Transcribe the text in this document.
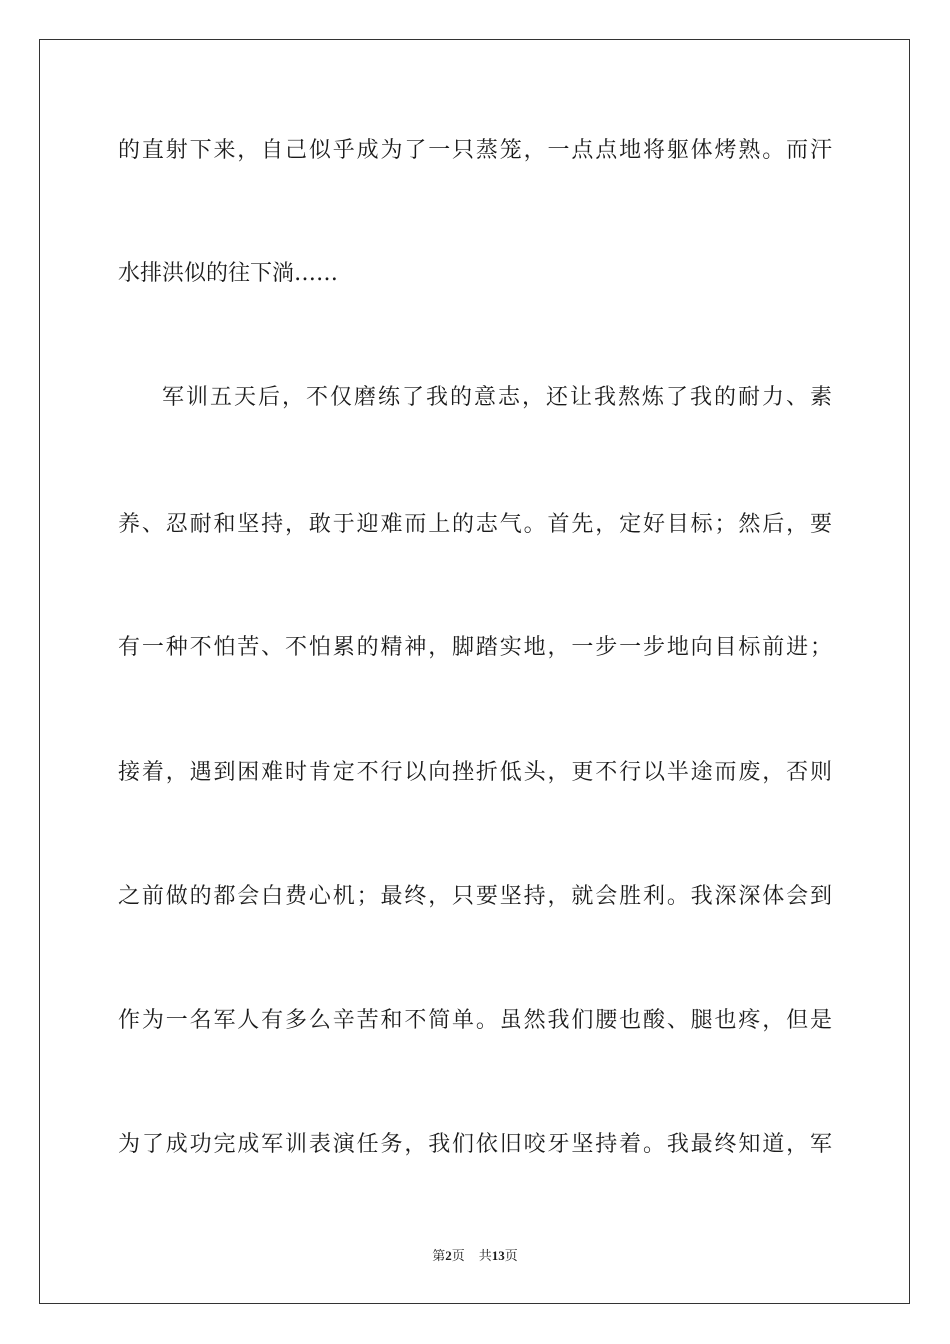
的直射下来，自己似乎成为了一只蒸笼，一点点地将躯体烤熟。而汗
水排洪似的往下淌……
军训五天后，不仅磨练了我的意志，还让我熬炼了我的耐力、素
养、忍耐和坚持，敢于迎难而上的志气。首先，定好目标；然后，要
有一种不怕苦、不怕累的精神，脚踏实地，一步一步地向目标前进；
接着，遇到困难时肯定不行以向挫折低头，更不行以半途而废，否则
之前做的都会白费心机；最终，只要坚持，就会胜利。我深深体会到
作为一名军人有多么辛苦和不简单。虽然我们腰也酸、腿也疼，但是
为了成功完成军训表演任务，我们依旧咬牙坚持着。我最终知道，军
第2页 共13页
